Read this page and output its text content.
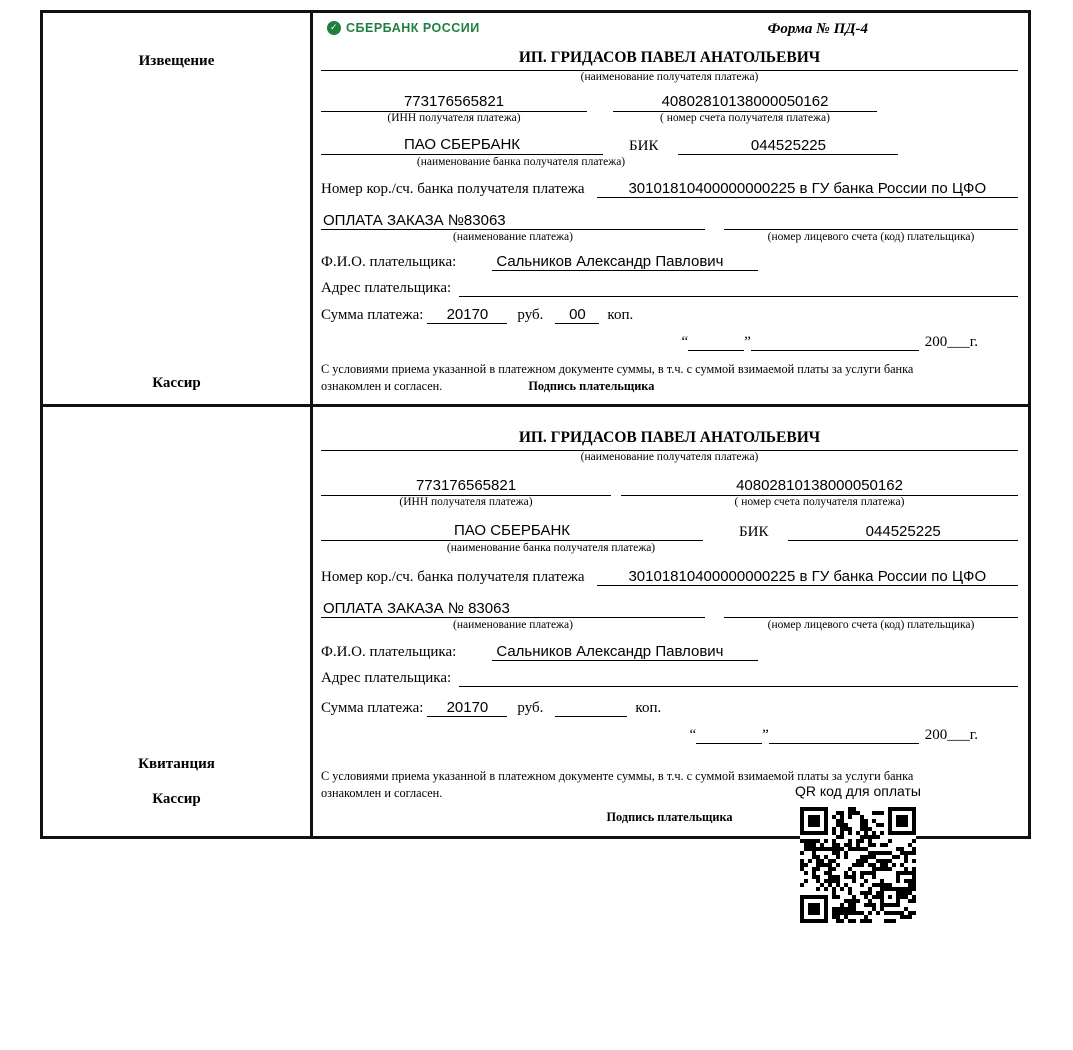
Извещение
Кассир
✓
СБЕРБАНК РОССИИ	Форма № ПД-4
ИП. ГРИДАСОВ ПАВЕЛ АНАТОЛЬЕВИЧ
(наименование получателя платежа)
773176565821
(ИНН получателя платежа)
40802810138000050162
( номер счета получателя платежа)
ПАО СБЕРБАНК	БИК	044525225
(наименование банка получателя платежа)
Номер кор./сч. банка получателя платежа	30101810400000000225 в ГУ банка России по ЦФО
ОПЛАТА ЗАКАЗА №83063
(наименование платежа)	(номер лицевого счета (код) плательщика)
Ф.И.О. плательщика:	Сальников Александр Павлович
Адрес плательщика:
Сумма платежа:	20170	руб.	00	коп.
“	”	200___г.
С условиями приема указанной в платежном документе суммы, в т.ч. с суммой взимаемой платы за услуги банка
ознакомлен и согласен.	Подпись плательщика
Квитанция
Кассир
ИП. ГРИДАСОВ ПАВЕЛ АНАТОЛЬЕВИЧ
(наименование получателя платежа)
773176565821
(ИНН получателя платежа)
40802810138000050162
( номер счета получателя платежа)
ПАО СБЕРБАНК	БИК	044525225
(наименование банка получателя платежа)
Номер кор./сч. банка получателя платежа	30101810400000000225 в ГУ банка России по ЦФО
ОПЛАТА ЗАКАЗА № 83063
(наименование платежа)	(номер лицевого счета (код) плательщика)
Ф.И.О. плательщика:	Сальников Александр Павлович
Адрес плательщика:
Сумма платежа:	20170	руб.	коп.
“	”	200___г.
С условиями приема указанной в платежном документе суммы, в т.ч. с суммой взимаемой платы за услуги банка
ознакомлен и согласен.
Подпись плательщика
QR код для оплаты
